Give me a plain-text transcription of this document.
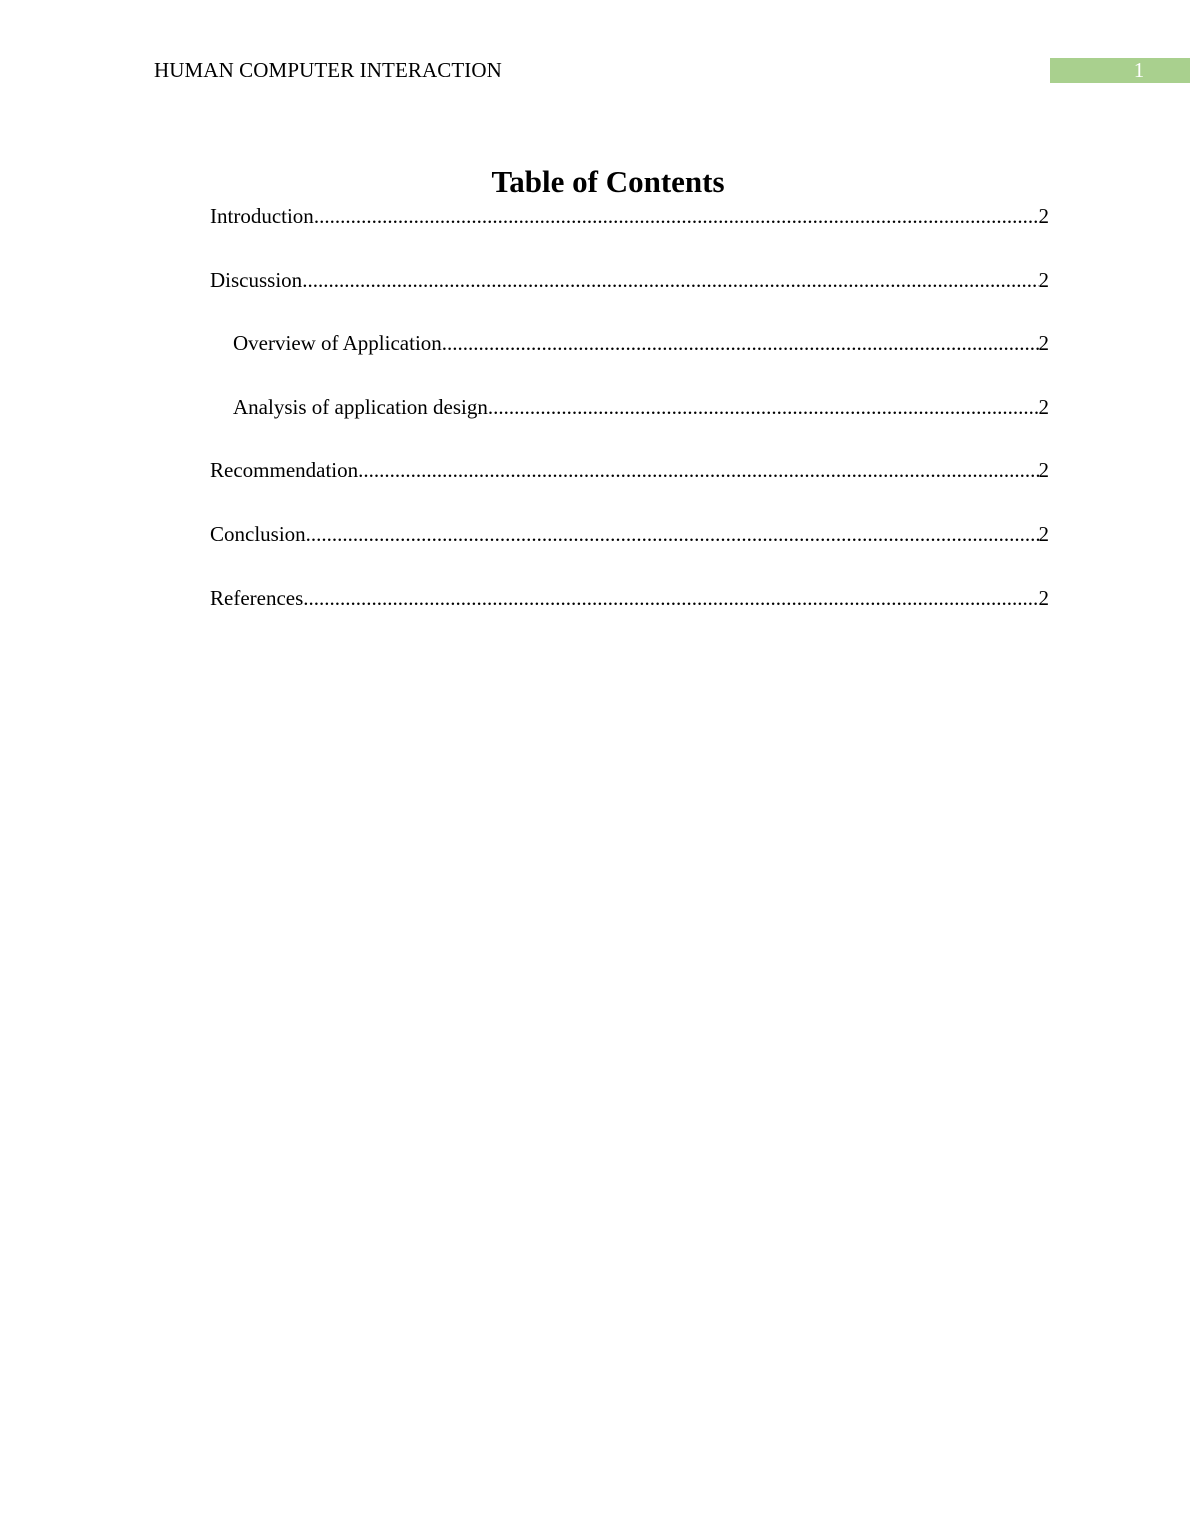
HUMAN COMPUTER INTERACTION	1
Table of Contents
Introduction .....	2
Discussion .....	2
Overview of Application .....	2
Analysis of application design .....	2
Recommendation .....	2
Conclusion .....	2
References .....	2
